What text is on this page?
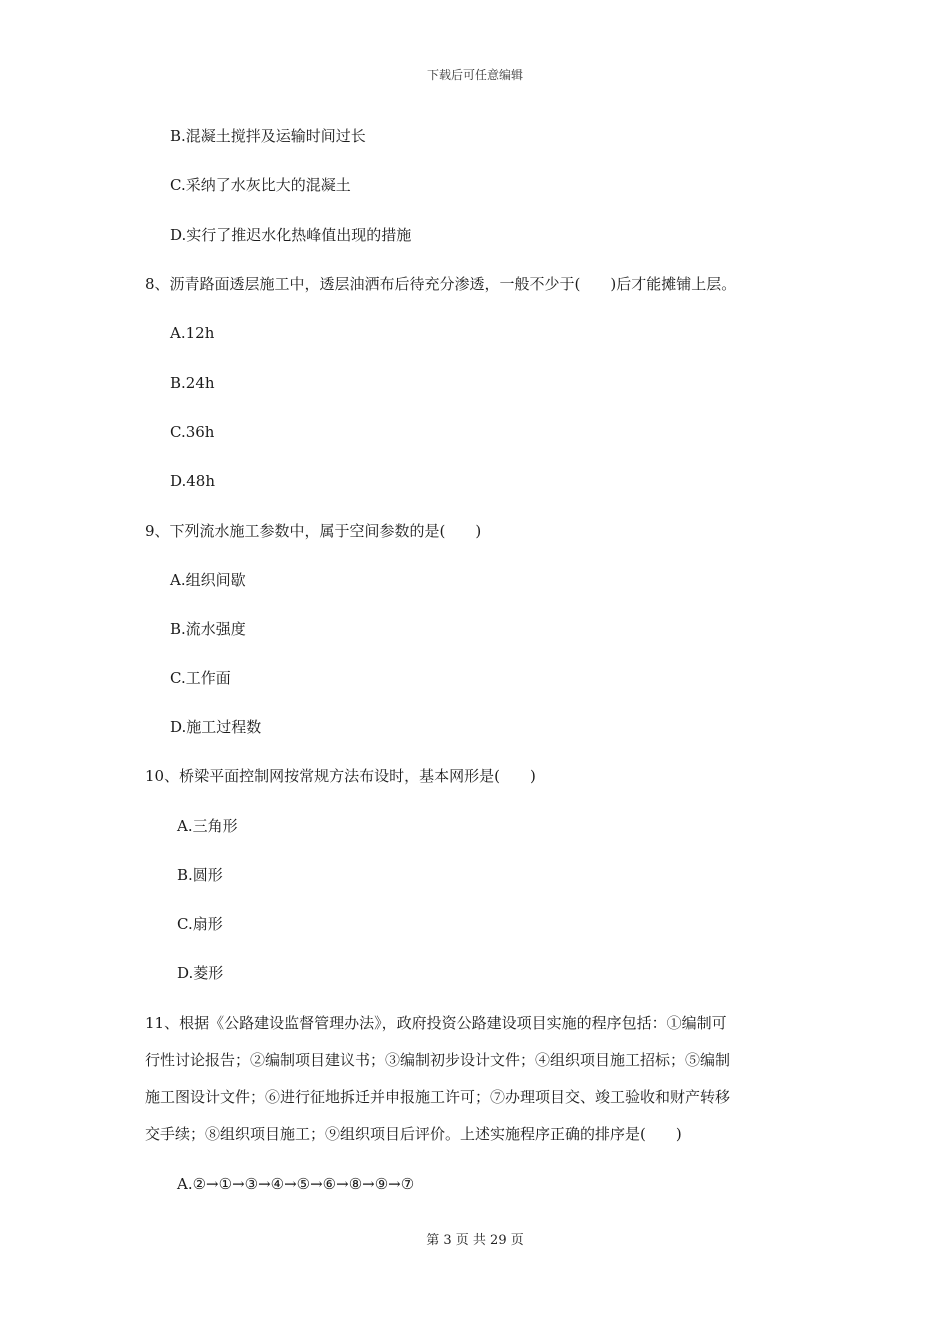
下载后可任意编辑
B.混凝土搅拌及运输时间过长
C.采纳了水灰比大的混凝土
D.实行了推迟水化热峰值出现的措施
8、沥青路面透层施工中，透层油洒布后待充分渗透，一般不少于(　　)后才能摊铺上层。
A.12h
B.24h
C.36h
D.48h
9、下列流水施工参数中，属于空间参数的是(　　)
A.组织间歇
B.流水强度
C.工作面
D.施工过程数
10、桥梁平面控制网按常规方法布设时，基本网形是(　　)
A.三角形
B.圆形
C.扇形
D.菱形
11、根据《公路建设监督管理办法》，政府投资公路建设项目实施的程序包括：①编制可
行性讨论报告；②编制项目建议书；③编制初步设计文件；④组织项目施工招标；⑤编制
施工图设计文件；⑥进行征地拆迁并申报施工许可；⑦办理项目交、竣工验收和财产转移
交手续；⑧组织项目施工；⑨组织项目后评价。上述实施程序正确的排序是(　　)
A.②→①→③→④→⑤→⑥→⑧→⑨→⑦
第 3 页 共 29 页
